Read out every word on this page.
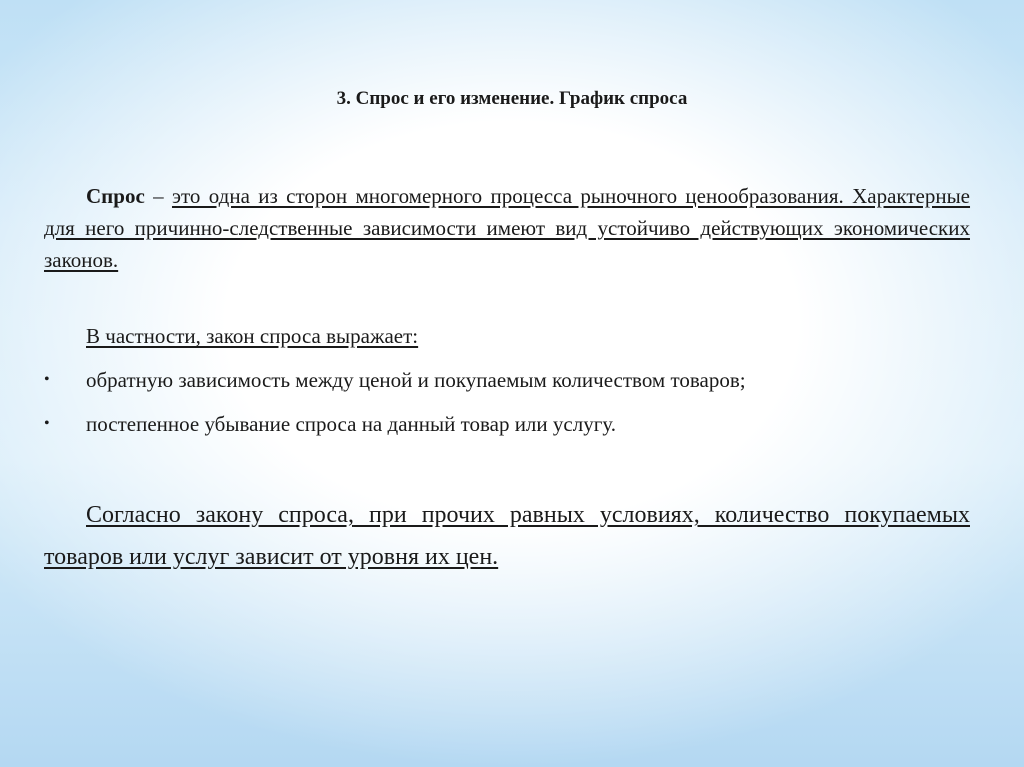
3. Спрос и его изменение. График спроса

Спрос – это одна из сторон многомерного процесса рыночного ценообразования. Характерные для него причинно-следственные зависимости имеют вид устойчиво действующих экономических законов.

В частности, закон спроса выражает:

•	обратную зависимость между ценой и покупаемым количеством товаров;
•	постепенное убывание спроса на данный товар или услугу.

Согласно закону спроса, при прочих равных условиях, количество покупаемых товаров или услуг зависит от уровня их цен.
